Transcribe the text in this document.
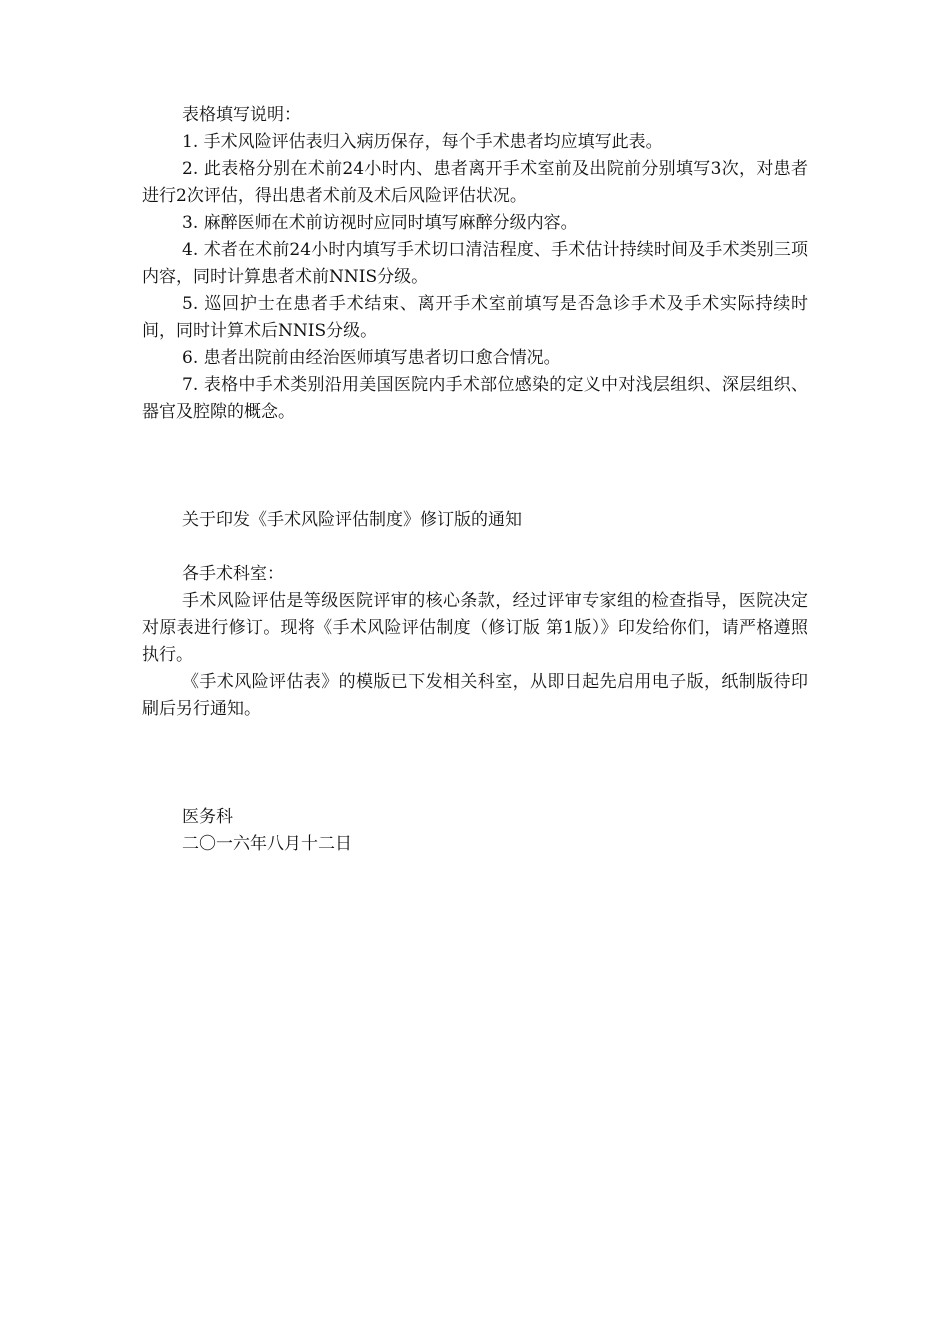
表格填写说明：

1. 手术风险评估表归入病历保存，每个手术患者均应填写此表。

2. 此表格分别在术前24小时内、患者离开手术室前及出院前分别填写3次，对患者进行2次评估，得出患者术前及术后风险评估状况。

3. 麻醉医师在术前访视时应同时填写麻醉分级内容。

4. 术者在术前24小时内填写手术切口清洁程度、手术估计持续时间及手术类别三项内容，同时计算患者术前NNIS分级。

5. 巡回护士在患者手术结束、离开手术室前填写是否急诊手术及手术实际持续时间，同时计算术后NNIS分级。

6. 患者出院前由经治医师填写患者切口愈合情况。

7. 表格中手术类别沿用美国医院内手术部位感染的定义中对浅层组织、深层组织、器官及腔隙的概念。

关于印发《手术风险评估制度》修订版的通知

各手术科室：

手术风险评估是等级医院评审的核心条款，经过评审专家组的检查指导，医院决定对原表进行修订。现将《手术风险评估制度（修订版 第1版）》印发给你们，请严格遵照执行。

《手术风险评估表》的模版已下发相关科室，从即日起先启用电子版，纸制版待印刷后另行通知。

医务科

二〇一六年八月十二日
